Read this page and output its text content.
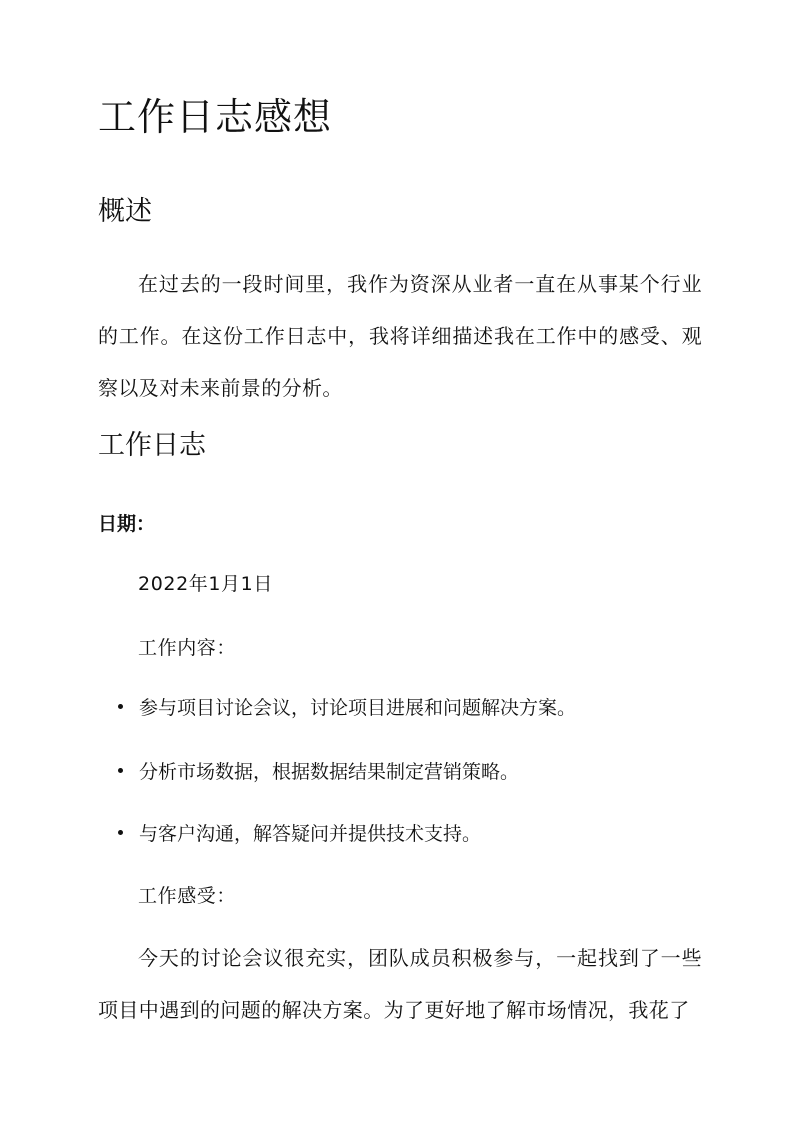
工作日志感想
概述

在过去的一段时间里，我作为资深从业者一直在从事某个行业的工作。在这份工作日志中，我将详细描述我在工作中的感受、观察以及对未来前景的分析。

工作日志
日期：
2022年1月1日
工作内容：
参与项目讨论会议，讨论项目进展和问题解决方案。
分析市场数据，根据数据结果制定营销策略。
与客户沟通，解答疑问并提供技术支持。
工作感受：

今天的讨论会议很充实，团队成员积极参与，一起找到了一些项目中遇到的问题的解决方案。为了更好地了解市场情况，我花了
